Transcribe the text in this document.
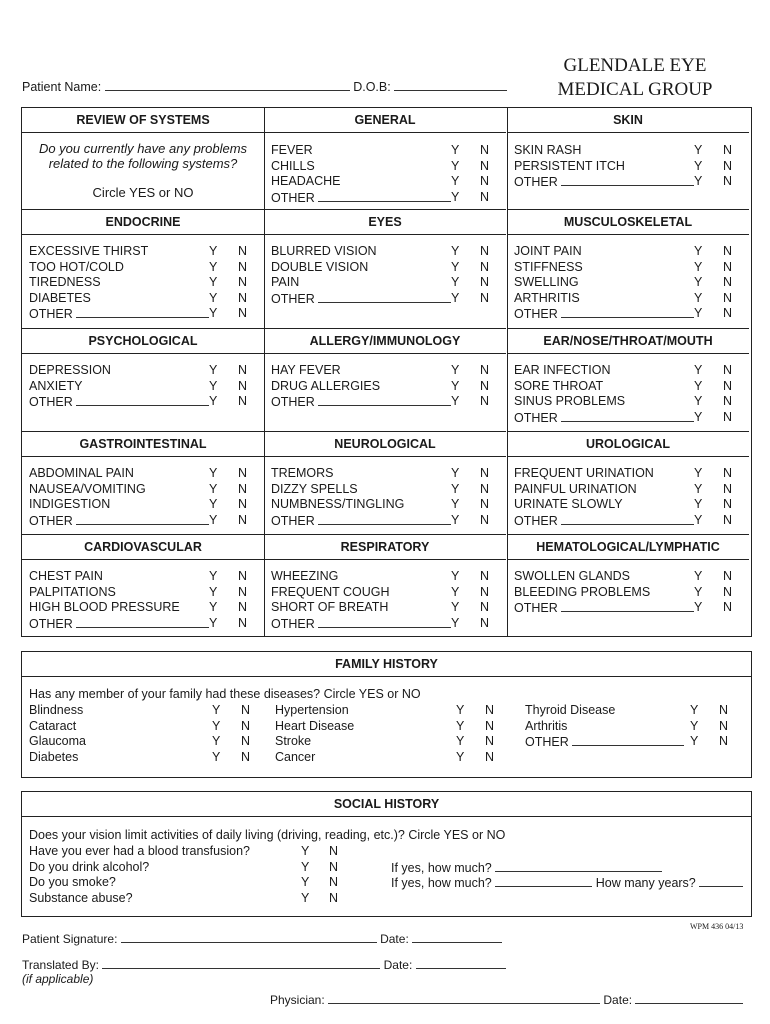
GLENDALE EYE
MEDICAL GROUP
Patient Name:	D.O.B:
REVIEW OF SYSTEMS
Do you currently have any problems related to the following systems?
Circle YES or NO
GENERAL
FEVER	Y N
CHILLS	Y N
HEADACHE	Y N
OTHER	Y N
SKIN
SKIN RASH	Y N
PERSISTENT ITCH	Y N
OTHER	Y N
ENDOCRINE
EXCESSIVE THIRST	Y N
TOO HOT/COLD	Y N
TIREDNESS	Y N
DIABETES	Y N
OTHER	Y N
EYES
BLURRED VISION	Y N
DOUBLE VISION	Y N
PAIN	Y N
OTHER	Y N
MUSCULOSKELETAL
JOINT PAIN	Y N
STIFFNESS	Y N
SWELLING	Y N
ARTHRITIS	Y N
OTHER	Y N
PSYCHOLOGICAL
DEPRESSION	Y N
ANXIETY	Y N
OTHER	Y N
ALLERGY/IMMUNOLOGY
HAY FEVER	Y N
DRUG ALLERGIES	Y N
OTHER	Y N
EAR/NOSE/THROAT/MOUTH
EAR INFECTION	Y N
SORE THROAT	Y N
SINUS PROBLEMS	Y N
OTHER	Y N
GASTROINTESTINAL
ABDOMINAL PAIN	Y N
NAUSEA/VOMITING	Y N
INDIGESTION	Y N
OTHER	Y N
NEUROLOGICAL
TREMORS	Y N
DIZZY SPELLS	Y N
NUMBNESS/TINGLING	Y N
OTHER	Y N
UROLOGICAL
FREQUENT URINATION	Y N
PAINFUL URINATION	Y N
URINATE SLOWLY	Y N
OTHER	Y N
CARDIOVASCULAR
CHEST PAIN	Y N
PALPITATIONS	Y N
HIGH BLOOD PRESSURE Y N
OTHER	Y N
RESPIRATORY
WHEEZING	Y N
FREQUENT COUGH	Y N
SHORT OF BREATH	Y N
OTHER	Y N
HEMATOLOGICAL/LYMPHATIC
SWOLLEN GLANDS	Y N
BLEEDING PROBLEMS	Y N
OTHER	Y N
FAMILY HISTORY
Has any member of your family had these diseases? Circle YES or NO
Blindness	Y N
Cataract	Y N
Glaucoma	Y N
Diabetes	Y N
Hypertension	Y N
Heart Disease	Y N
Stroke	Y N
Cancer	Y N
Thyroid Disease	Y N
Arthritis	Y N
OTHER	Y N
SOCIAL HISTORY
Does your vision limit activities of daily living (driving, reading, etc.)? Circle YES or NO
Have you ever had a blood transfusion?	Y N
Do you drink alcohol?	Y N	If yes, how much?
Do you smoke?	Y N	If yes, how much?	How many years?
Substance abuse?	Y N
WPM 436 04/13
Patient Signature:	Date:
Translated By:	Date:
(if applicable)
Physician:	Date:
